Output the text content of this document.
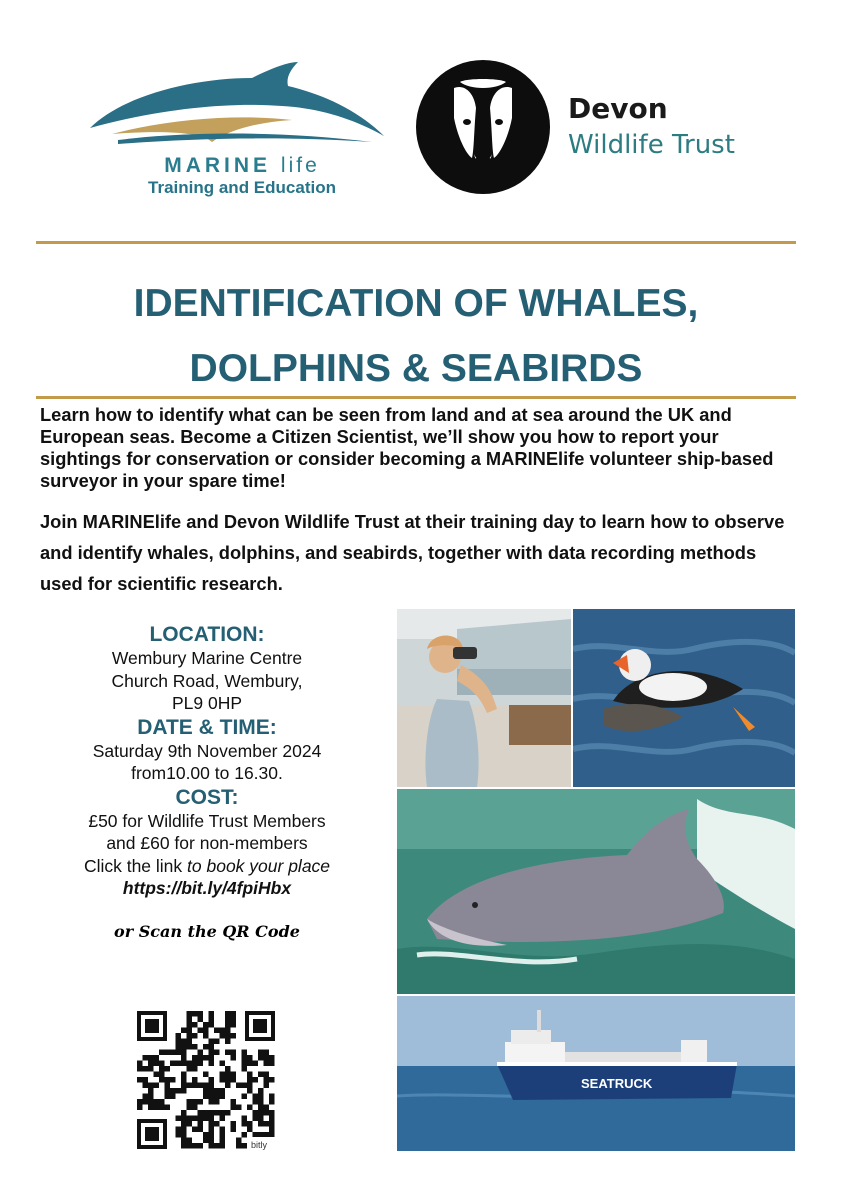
MARINE life
Training and Education
Devon
Wildlife Trust
IDENTIFICATION OF WHALES,
DOLPHINS & SEABIRDS

Learn how to identify what can be seen from land and at sea around the UK and European seas. Become a Citizen Scientist, we’ll show you how to report your sightings for conservation or consider becoming a MARINElife volunteer ship-based surveyor in your spare time!

Join MARINElife and Devon Wildlife Trust at their training day to learn how to observe and identify whales, dolphins, and seabirds, together with data recording methods used for scientific research.

LOCATION:
Wembury Marine Centre
Church Road, Wembury,
PL9 0HP
DATE & TIME:
Saturday 9th November 2024
from10.00 to 16.30.
COST:
£50 for Wildlife Trust Members
and £60 for non-members
Click the link to book your place
https://bit.ly/4fpiHbx
or Scan the QR Code
bitly
SEATRUCK
